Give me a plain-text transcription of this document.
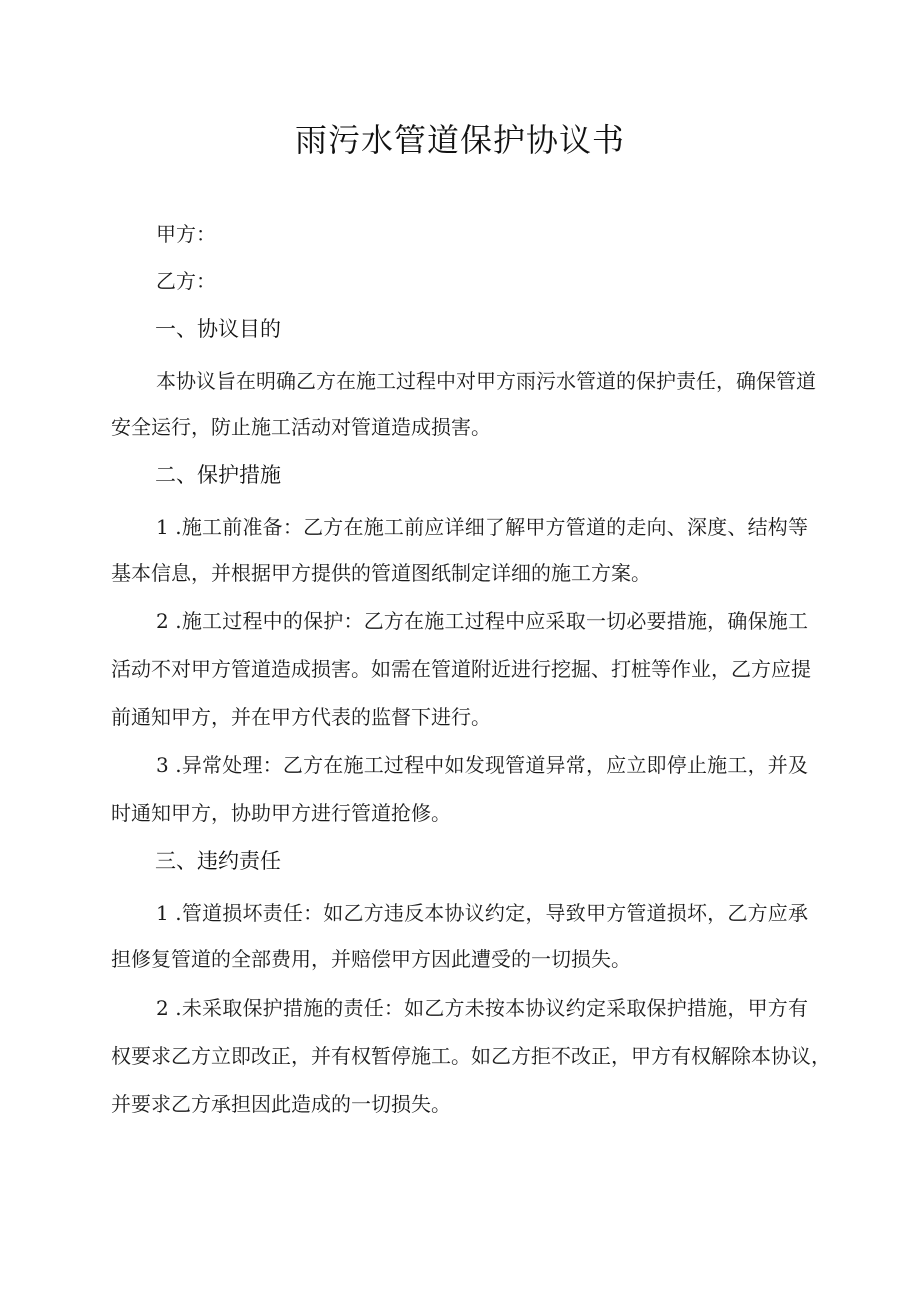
雨污水管道保护协议书
甲方：
乙方：
一、协议目的
本协议旨在明确乙方在施工过程中对甲方雨污水管道的保护责任，确保管道
安全运行，防止施工活动对管道造成损害。
二、保护措施
1 .施工前准备：乙方在施工前应详细了解甲方管道的走向、深度、结构等
基本信息，并根据甲方提供的管道图纸制定详细的施工方案。
2 .施工过程中的保护：乙方在施工过程中应采取一切必要措施，确保施工
活动不对甲方管道造成损害。如需在管道附近进行挖掘、打桩等作业，乙方应提
前通知甲方，并在甲方代表的监督下进行。
3 .异常处理：乙方在施工过程中如发现管道异常，应立即停止施工，并及
时通知甲方，协助甲方进行管道抢修。
三、违约责任
1 .管道损坏责任：如乙方违反本协议约定，导致甲方管道损坏，乙方应承
担修复管道的全部费用，并赔偿甲方因此遭受的一切损失。
2 .未采取保护措施的责任：如乙方未按本协议约定采取保护措施，甲方有
权要求乙方立即改正，并有权暂停施工。如乙方拒不改正，甲方有权解除本协议，
并要求乙方承担因此造成的一切损失。
